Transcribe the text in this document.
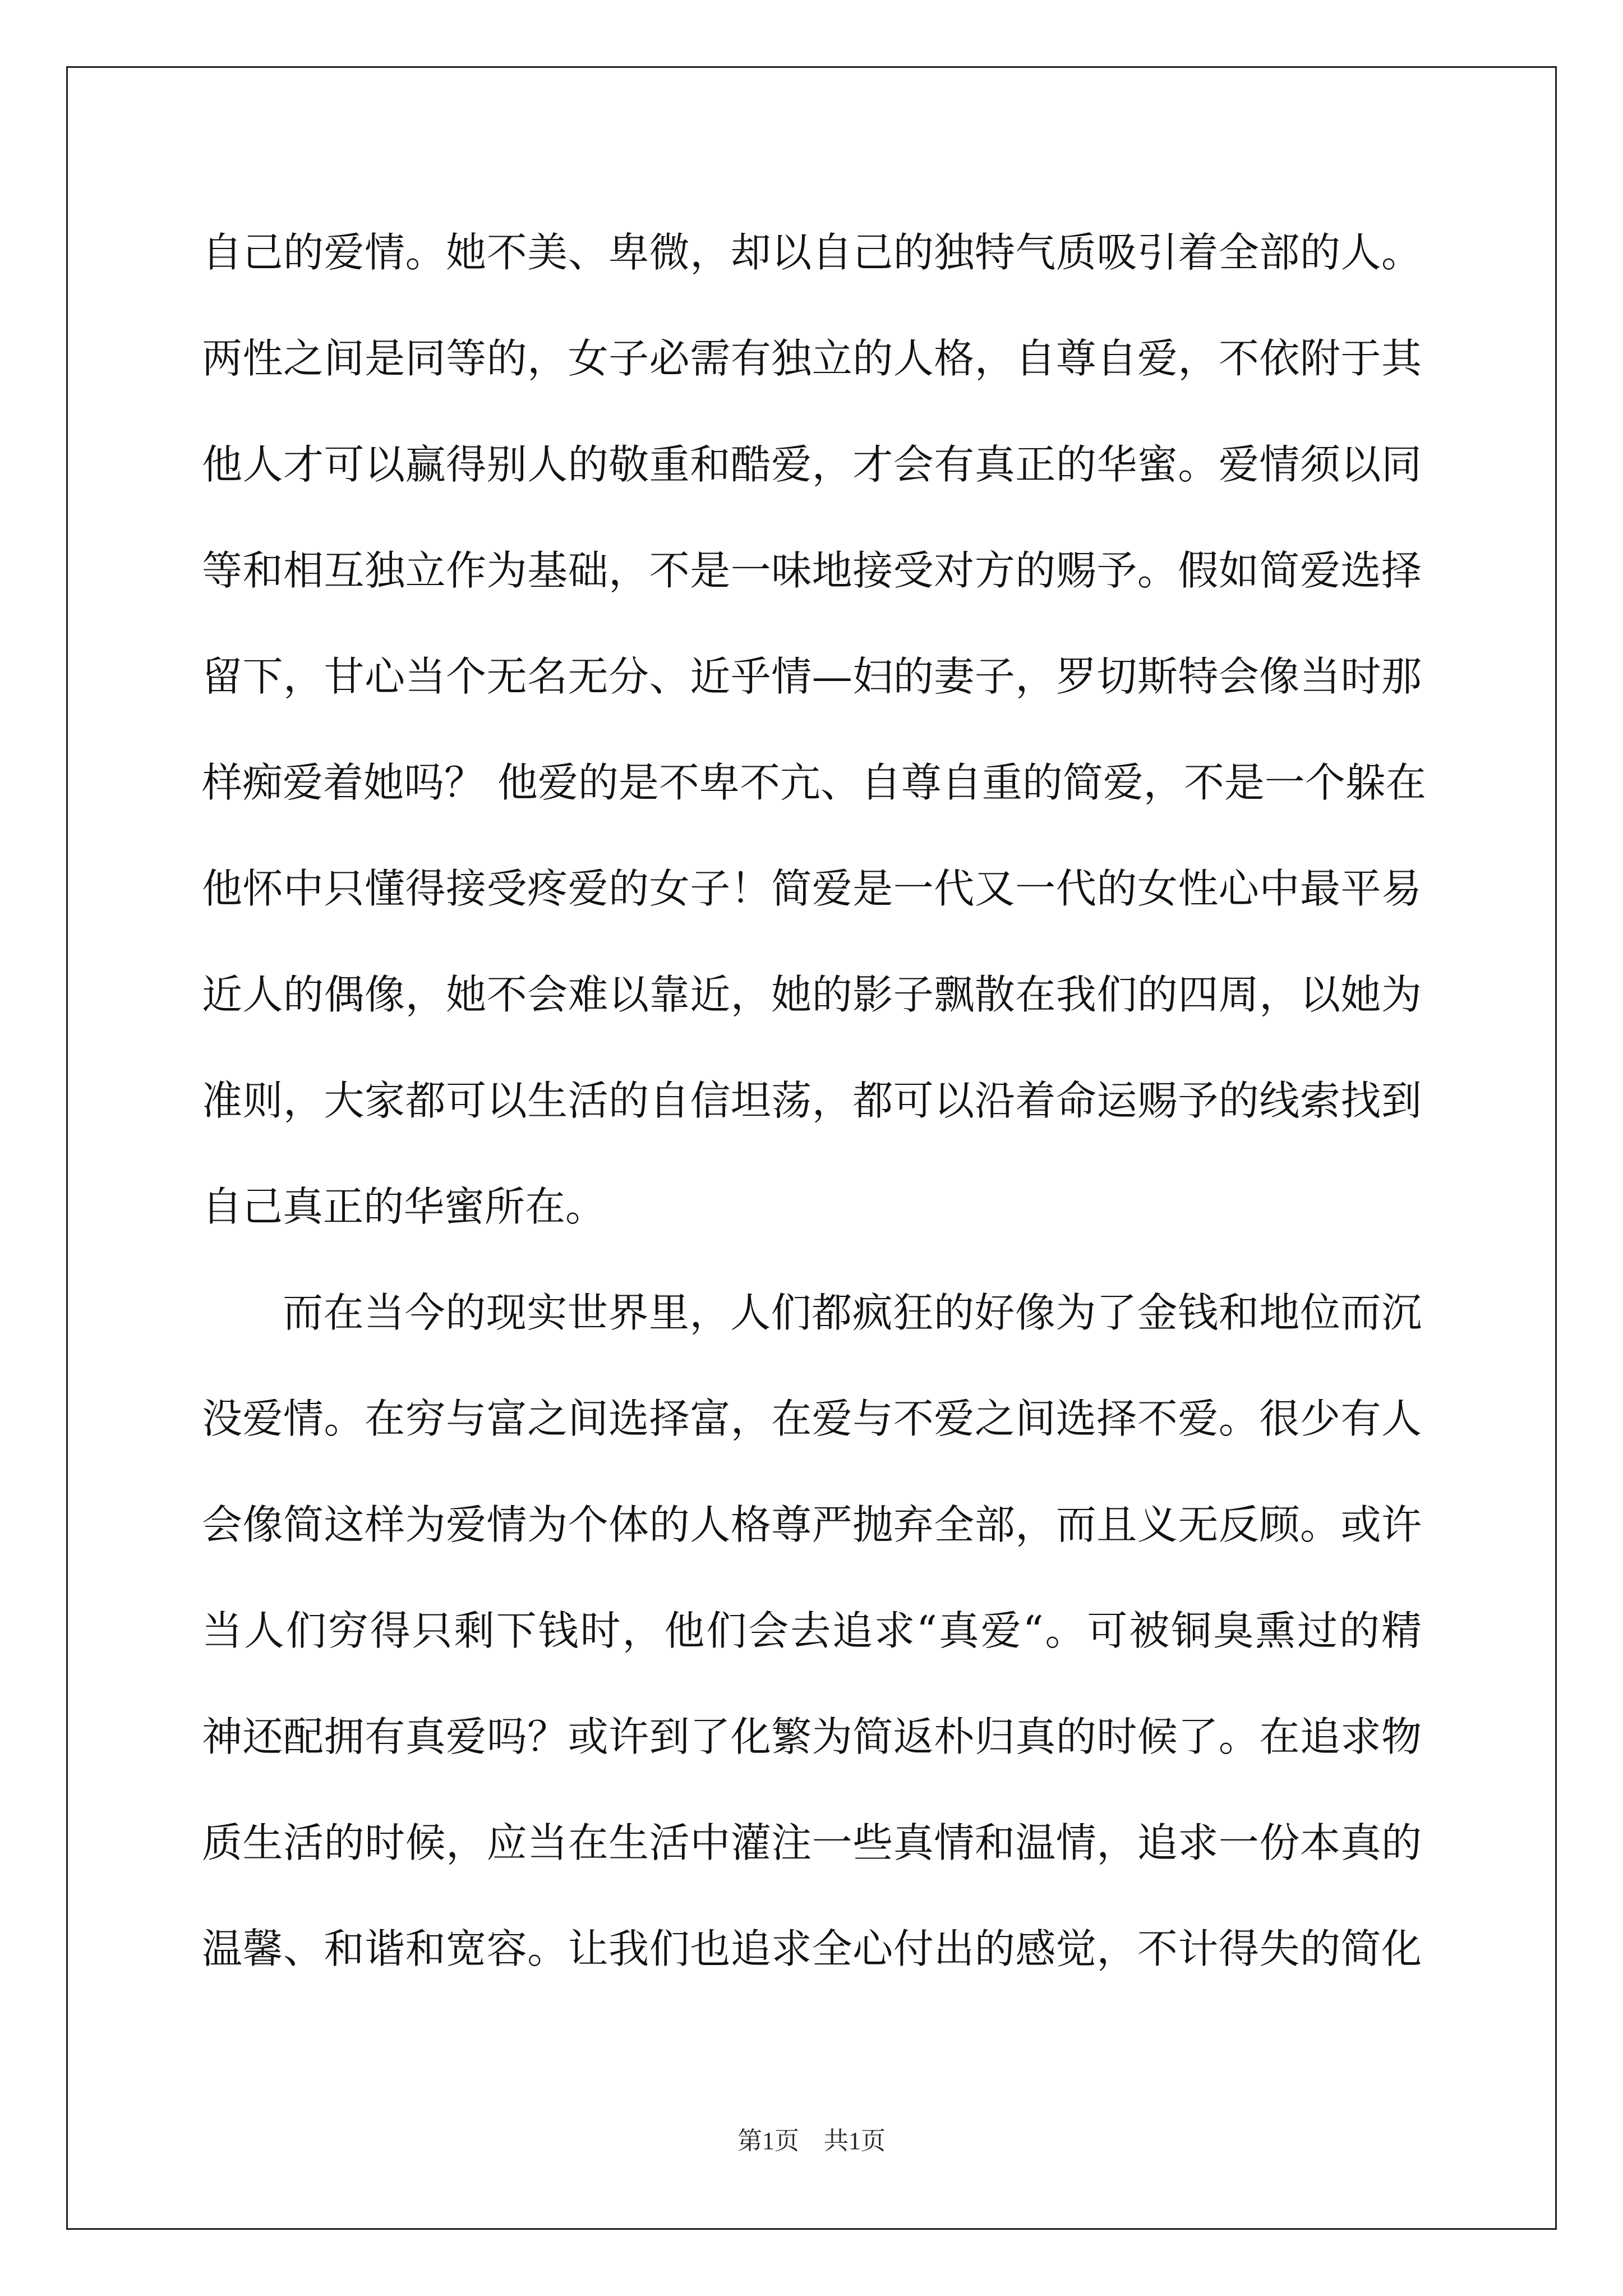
自己的爱情。她不美、卑微，却以自己的独特气质吸引着全部的人。
两性之间是同等的，女子必需有独立的人格，自尊自爱，不依附于其
他人才可以赢得别人的敬重和酷爱，才会有真正的华蜜。爱情须以同
等和相互独立作为基础，不是一味地接受对方的赐予。假如简爱选择
留下，甘心当个无名无分、近乎情—妇的妻子，罗切斯特会像当时那
样痴爱着她吗？ 他爱的是不卑不亢、自尊自重的简爱，不是一个躲在
他怀中只懂得接受疼爱的女子！简爱是一代又一代的女性心中最平易
近人的偶像，她不会难以靠近，她的影子飘散在我们的四周，以她为
准则，大家都可以生活的自信坦荡，都可以沿着命运赐予的线索找到
自己真正的华蜜所在。
而在当今的现实世界里，人们都疯狂的好像为了金钱和地位而沉
没爱情。在穷与富之间选择富，在爱与不爱之间选择不爱。很少有人
会像简这样为爱情为个体的人格尊严抛弃全部，而且义无反顾。或许
当人们穷得只剩下钱时，他们会去追求“真爱“。可被铜臭熏过的精
神还配拥有真爱吗？或许到了化繁为简返朴归真的时候了。在追求物
质生活的时候，应当在生活中灌注一些真情和温情，追求一份本真的
温馨、和谐和宽容。让我们也追求全心付出的感觉，不计得失的简化
第1页　共1页
